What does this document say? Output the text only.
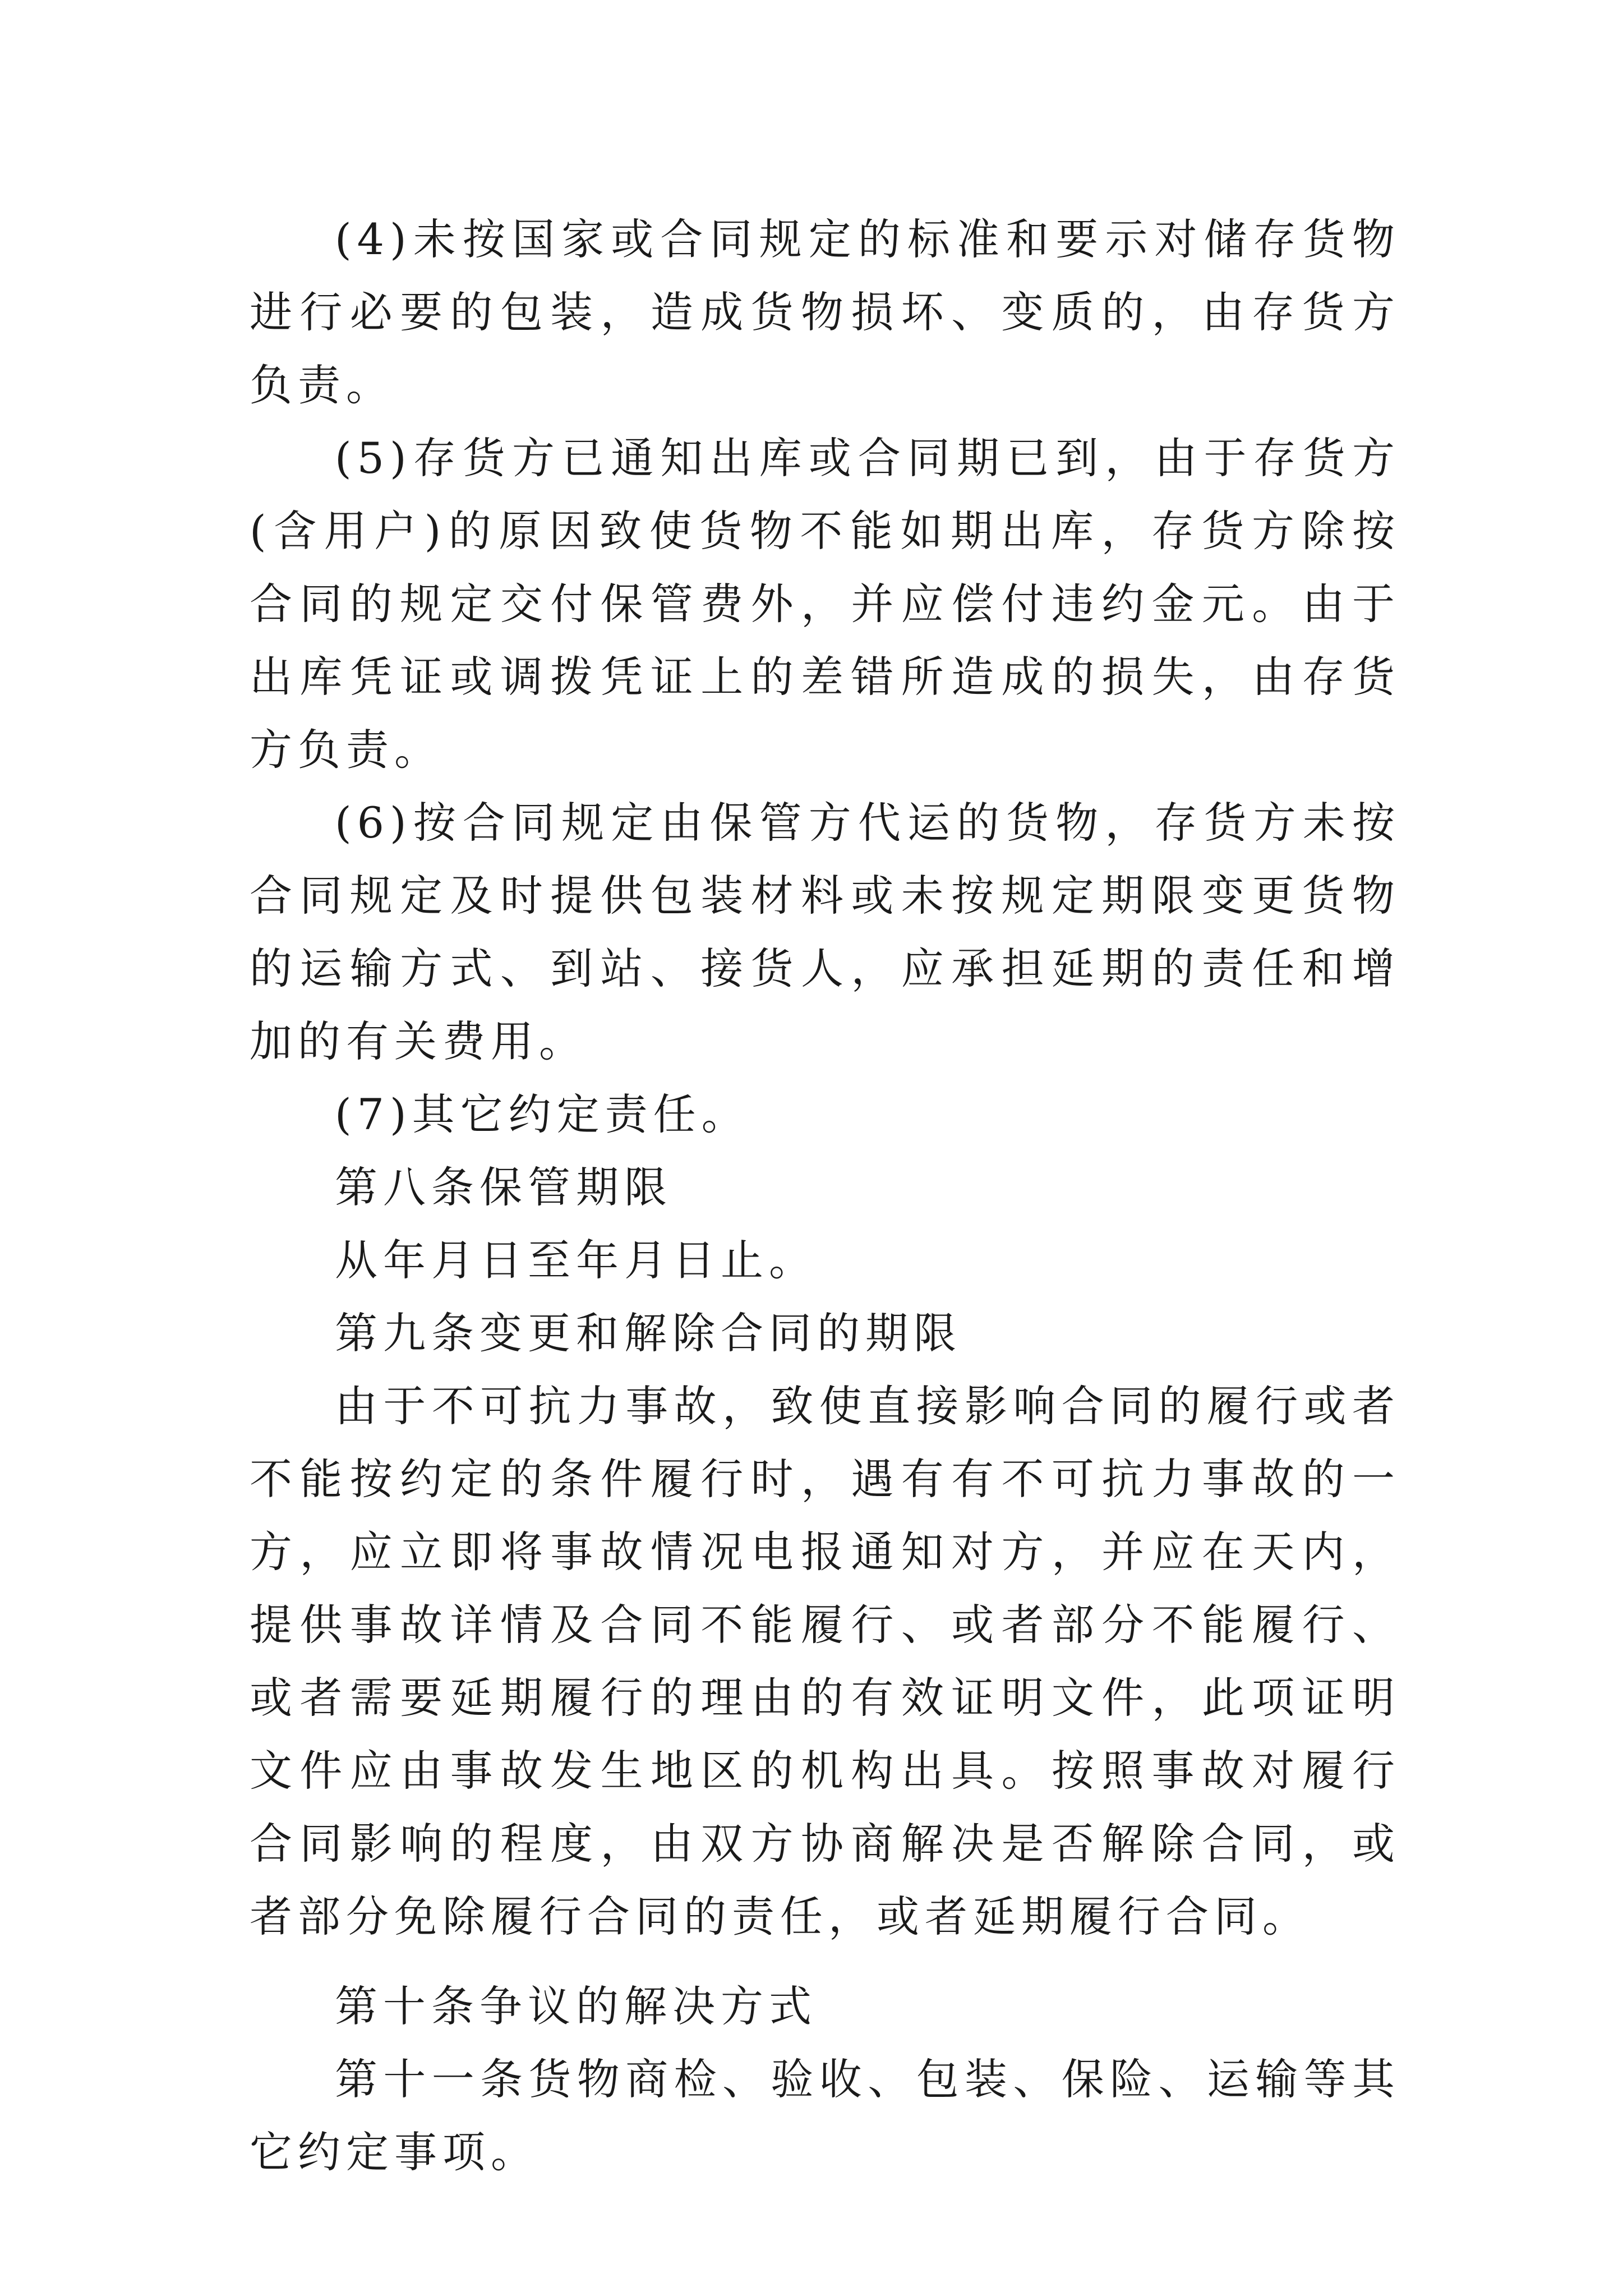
(4)未按国家或合同规定的标准和要示对储存货物进行必要的包装，造成货物损坏、变质的，由存货方负责。

(5)存货方已通知出库或合同期已到，由于存货方(含用户)的原因致使货物不能如期出库，存货方除按合同的规定交付保管费外，并应偿付违约金元。由于出库凭证或调拨凭证上的差错所造成的损失，由存货方负责。

(6)按合同规定由保管方代运的货物，存货方未按合同规定及时提供包装材料或未按规定期限变更货物的运输方式、到站、接货人，应承担延期的责任和增加的有关费用。

(7)其它约定责任。

第八条保管期限

从年月日至年月日止。

第九条变更和解除合同的期限

由于不可抗力事故，致使直接影响合同的履行或者不能按约定的条件履行时，遇有有不可抗力事故的一方，应立即将事故情况电报通知对方，并应在天内，提供事故详情及合同不能履行、或者部分不能履行、或者需要延期履行的理由的有效证明文件，此项证明文件应由事故发生地区的机构出具。按照事故对履行合同影响的程度，由双方协商解决是否解除合同，或者部分免除履行合同的责任，或者延期履行合同。

第十条争议的解决方式

第十一条货物商检、验收、包装、保险、运输等其它约定事项。
